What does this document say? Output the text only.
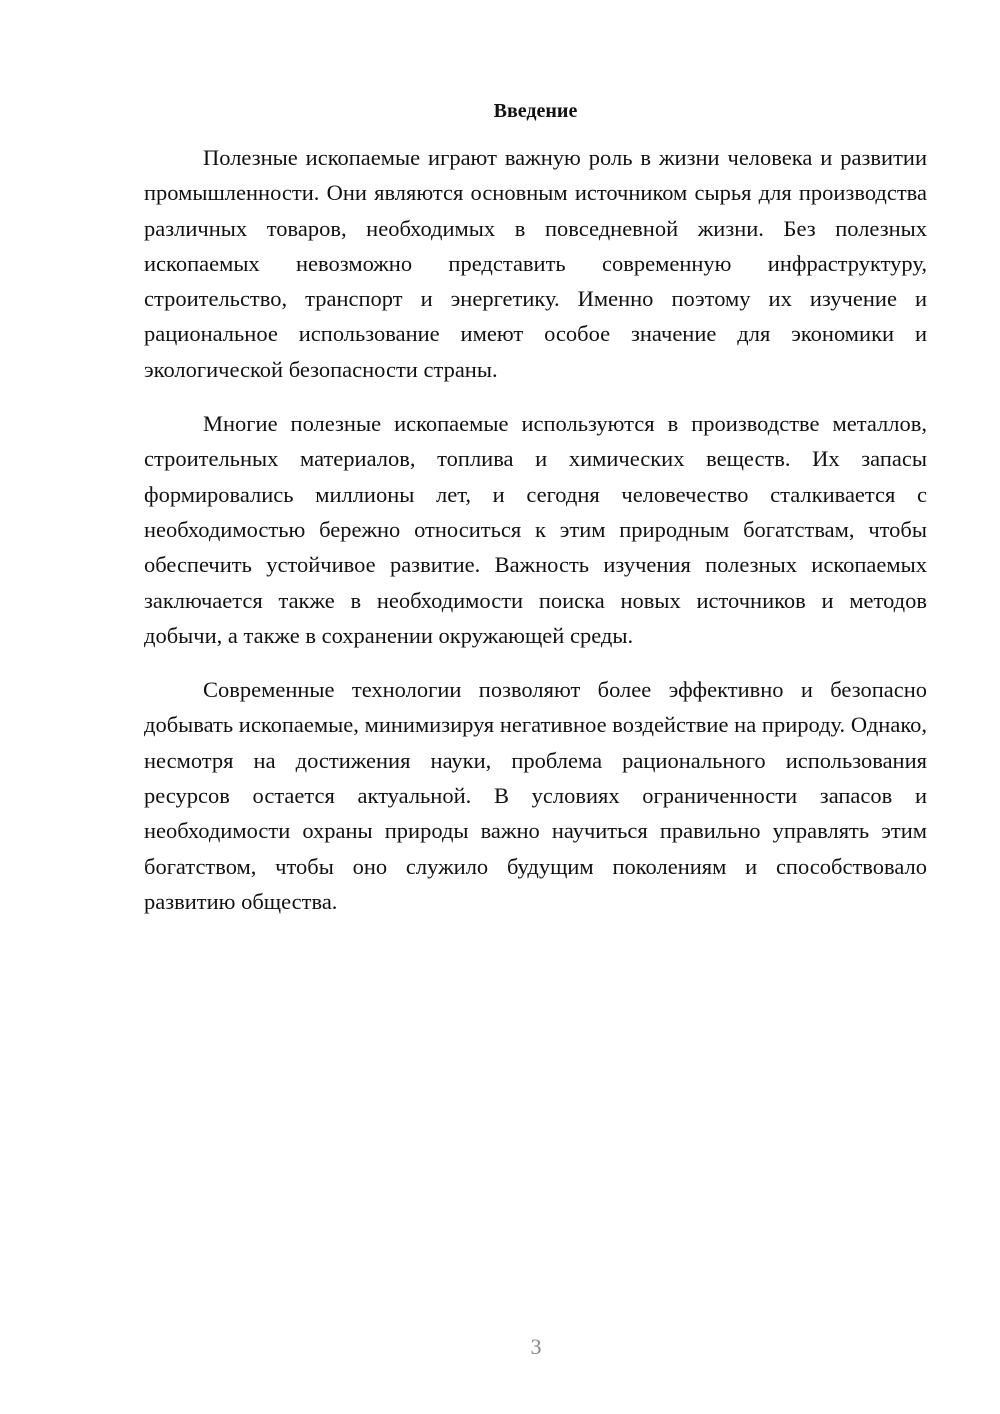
Введение

Полезные ископаемые играют важную роль в жизни человека и развитии промышленности. Они являются основным источником сырья для производства различных товаров, необходимых в повседневной жизни. Без полезных ископаемых невозможно представить современную инфраструктуру, строительство, транспорт и энергетику. Именно поэтому их изучение и рациональное использование имеют особое значение для экономики и экологической безопасности страны.

Многие полезные ископаемые используются в производстве металлов, строительных материалов, топлива и химических веществ. Их запасы формировались миллионы лет, и сегодня человечество сталкивается с необходимостью бережно относиться к этим природным богатствам, чтобы обеспечить устойчивое развитие. Важность изучения полезных ископаемых заключается также в необходимости поиска новых источников и методов добычи, а также в сохранении окружающей среды.

Современные технологии позволяют более эффективно и безопасно добывать ископаемые, минимизируя негативное воздействие на природу. Однако, несмотря на достижения науки, проблема рационального использования ресурсов остается актуальной. В условиях ограниченности запасов и необходимости охраны природы важно научиться правильно управлять этим богатством, чтобы оно служило будущим поколениям и способствовало развитию общества.

3
